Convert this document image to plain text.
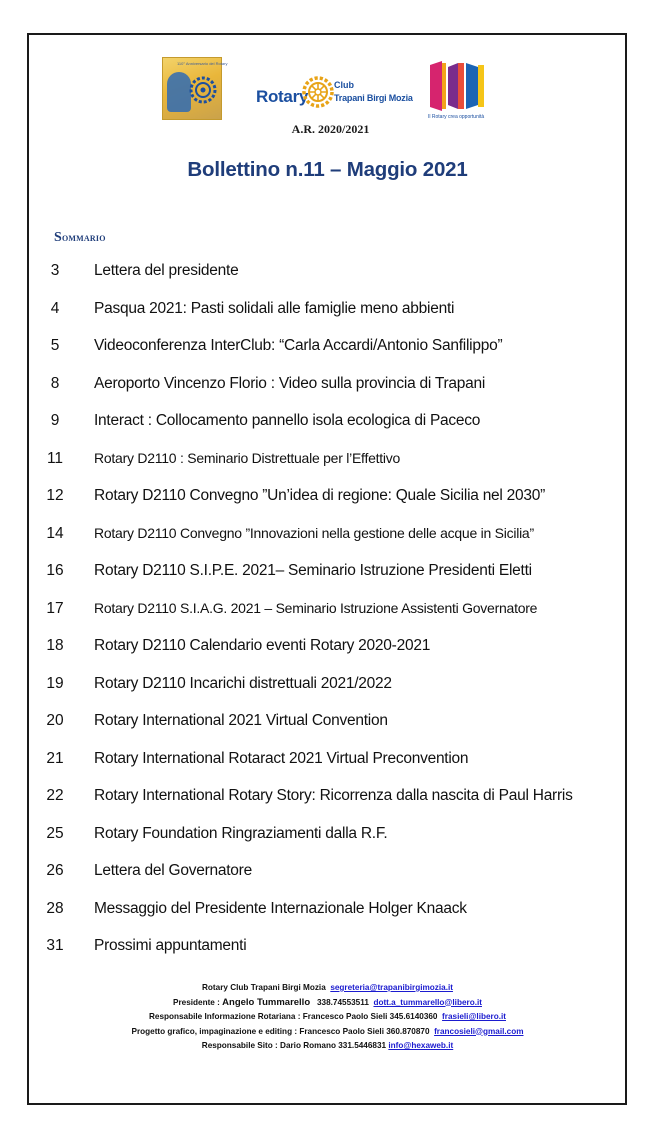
110° Anniversario del Rotary
Rotary
Club
Trapani Birgi Mozia
Il Rotary crea opportunità
A.R. 2020/2021
Bollettino n.11 – Maggio 2021
Sommario
3	Lettera del presidente
4	Pasqua 2021: Pasti solidali alle famiglie meno abbienti
5	Videoconferenza InterClub: “Carla Accardi/Antonio Sanfilippo”
8	Aeroporto Vincenzo Florio : Video sulla provincia di Trapani
9	Interact : Collocamento pannello isola ecologica di Paceco
11	Rotary D2110 : Seminario Distrettuale per l’Effettivo
12	Rotary D2110 Convegno ”Un’idea di regione: Quale Sicilia nel 2030”
14	Rotary D2110 Convegno ”Innovazioni nella gestione delle acque in Sicilia”
16	Rotary D2110 S.I.P.E. 2021– Seminario Istruzione Presidenti Eletti
17	Rotary D2110 S.I.A.G. 2021 – Seminario Istruzione Assistenti Governatore
18	Rotary D2110 Calendario eventi Rotary 2020-2021
19	Rotary D2110 Incarichi distrettuali 2021/2022
20	Rotary International 2021 Virtual Convention
21	Rotary International Rotaract 2021 Virtual Preconvention
22	Rotary International Rotary Story: Ricorrenza dalla nascita di Paul Harris
25	Rotary Foundation Ringraziamenti dalla R.F.
26	Lettera del Governatore
28	Messaggio del Presidente Internazionale Holger Knaack
31	Prossimi appuntamenti
Rotary Club Trapani Birgi Mozia segreteria@trapanibirgimozia.it
Presidente : Angelo Tummarello 338.74553511 dott.a_tummarello@libero.it
Responsabile Informazione Rotariana : Francesco Paolo Sieli 345.6140360 frasieli@libero.it
Progetto grafico, impaginazione e editing : Francesco Paolo Sieli 360.870870 francosieli@gmail.com
Responsabile Sito : Dario Romano 331.5446831 info@hexaweb.it
